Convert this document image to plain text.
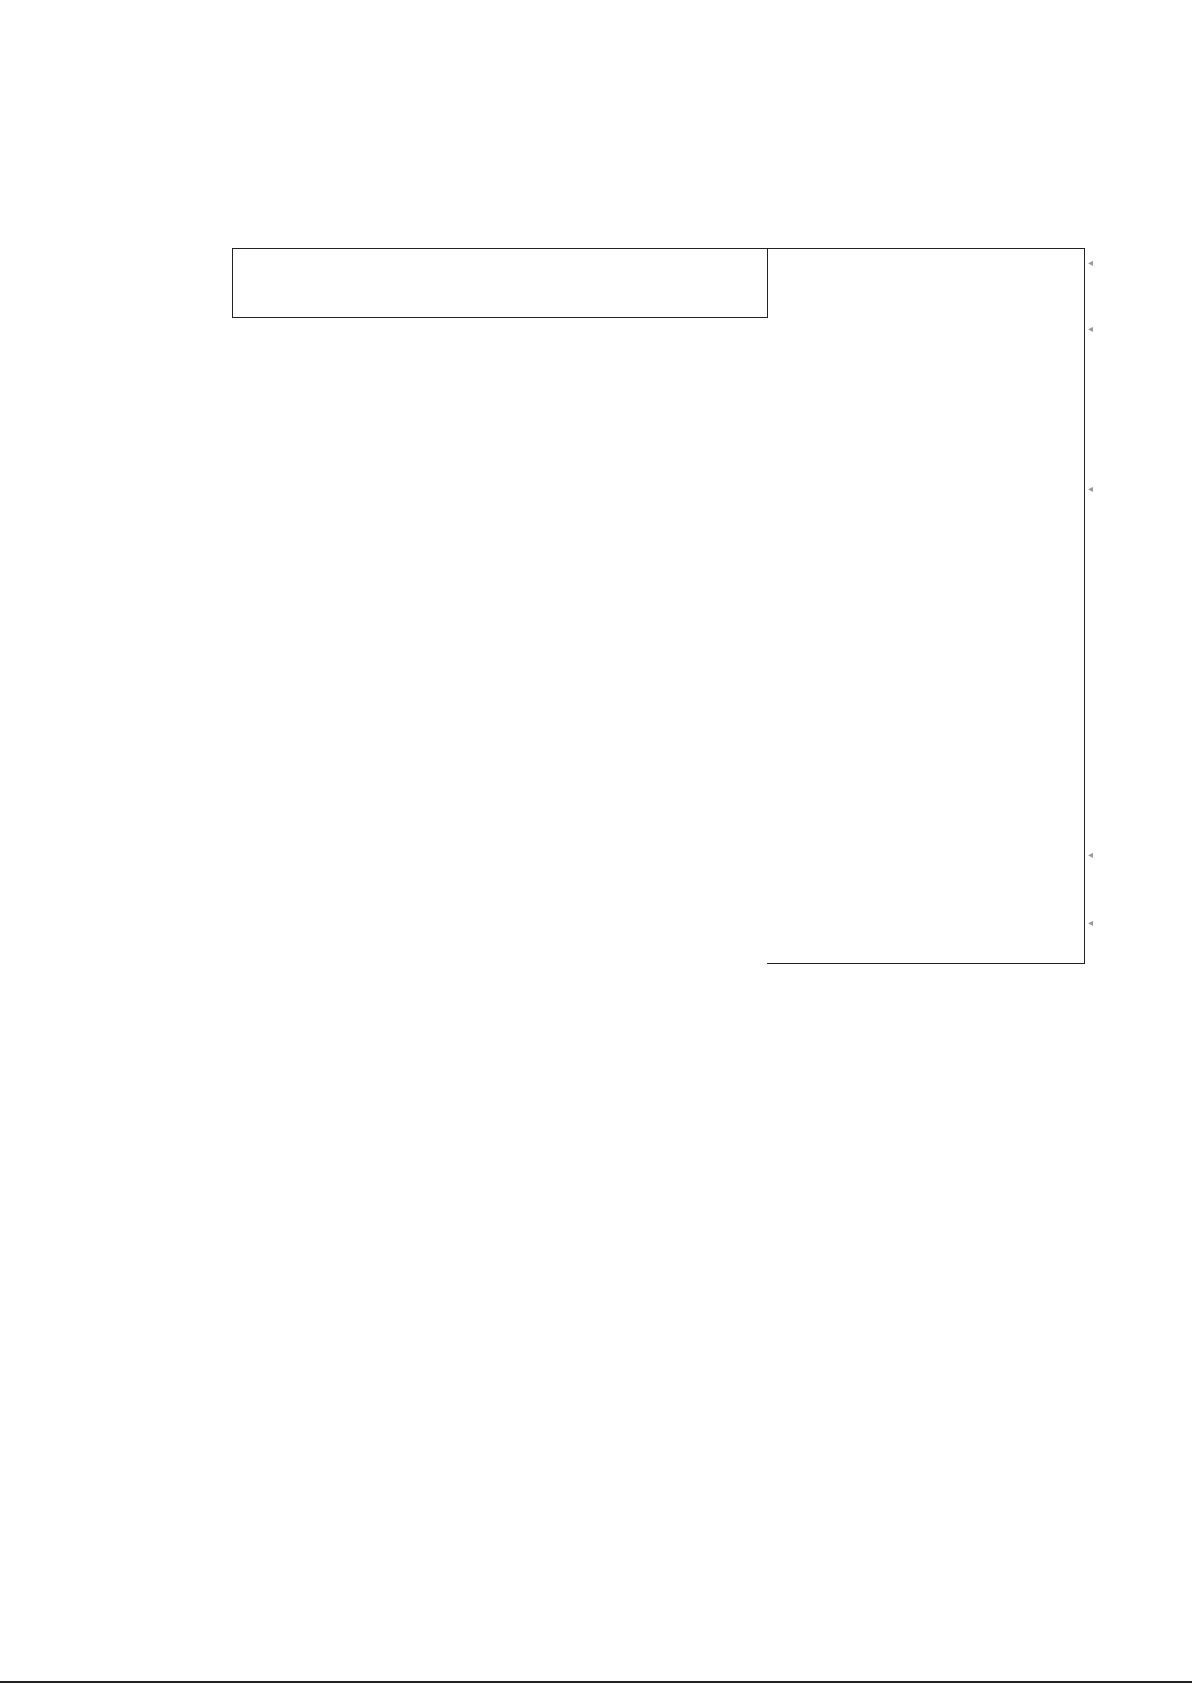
◂
◂
◂
◂
◂
